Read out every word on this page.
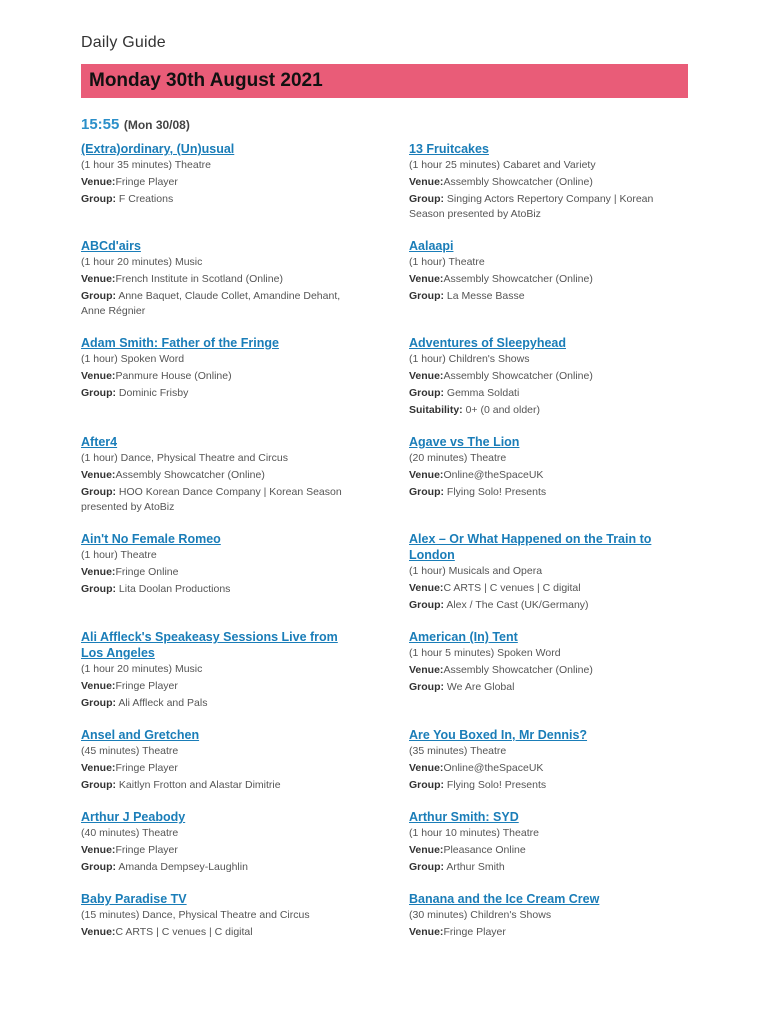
Daily Guide
Monday 30th August 2021
15:55 (Mon 30/08)
(Extra)ordinary, (Un)usual
(1 hour 35 minutes) Theatre
Venue:Fringe Player
Group: F Creations
13 Fruitcakes
(1 hour 25 minutes) Cabaret and Variety
Venue:Assembly Showcatcher (Online)
Group: Singing Actors Repertory Company | Korean Season presented by AtoBiz
ABCd'airs
(1 hour 20 minutes) Music
Venue:French Institute in Scotland (Online)
Group: Anne Baquet, Claude Collet, Amandine Dehant, Anne Régnier
Aalaapi
(1 hour) Theatre
Venue:Assembly Showcatcher (Online)
Group: La Messe Basse
Adam Smith: Father of the Fringe
(1 hour) Spoken Word
Venue:Panmure House (Online)
Group: Dominic Frisby
Adventures of Sleepyhead
(1 hour) Children's Shows
Venue:Assembly Showcatcher (Online)
Group: Gemma Soldati
Suitability: 0+ (0 and older)
After4
(1 hour) Dance, Physical Theatre and Circus
Venue:Assembly Showcatcher (Online)
Group: HOO Korean Dance Company | Korean Season presented by AtoBiz
Agave vs The Lion
(20 minutes) Theatre
Venue:Online@theSpaceUK
Group: Flying Solo! Presents
Ain't No Female Romeo
(1 hour) Theatre
Venue:Fringe Online
Group: Lita Doolan Productions
Alex – Or What Happened on the Train to London
(1 hour) Musicals and Opera
Venue:C ARTS | C venues | C digital
Group: Alex / The Cast (UK/Germany)
Ali Affleck's Speakeasy Sessions Live from Los Angeles
(1 hour 20 minutes) Music
Venue:Fringe Player
Group: Ali Affleck and Pals
American (In) Tent
(1 hour 5 minutes) Spoken Word
Venue:Assembly Showcatcher (Online)
Group: We Are Global
Ansel and Gretchen
(45 minutes) Theatre
Venue:Fringe Player
Group: Kaitlyn Frotton and Alastar Dimitrie
Are You Boxed In, Mr Dennis?
(35 minutes) Theatre
Venue:Online@theSpaceUK
Group: Flying Solo! Presents
Arthur J Peabody
(40 minutes) Theatre
Venue:Fringe Player
Group: Amanda Dempsey-Laughlin
Arthur Smith: SYD
(1 hour 10 minutes) Theatre
Venue:Pleasance Online
Group: Arthur Smith
Baby Paradise TV
(15 minutes) Dance, Physical Theatre and Circus
Venue:C ARTS | C venues | C digital
Banana and the Ice Cream Crew
(30 minutes) Children's Shows
Venue:Fringe Player
